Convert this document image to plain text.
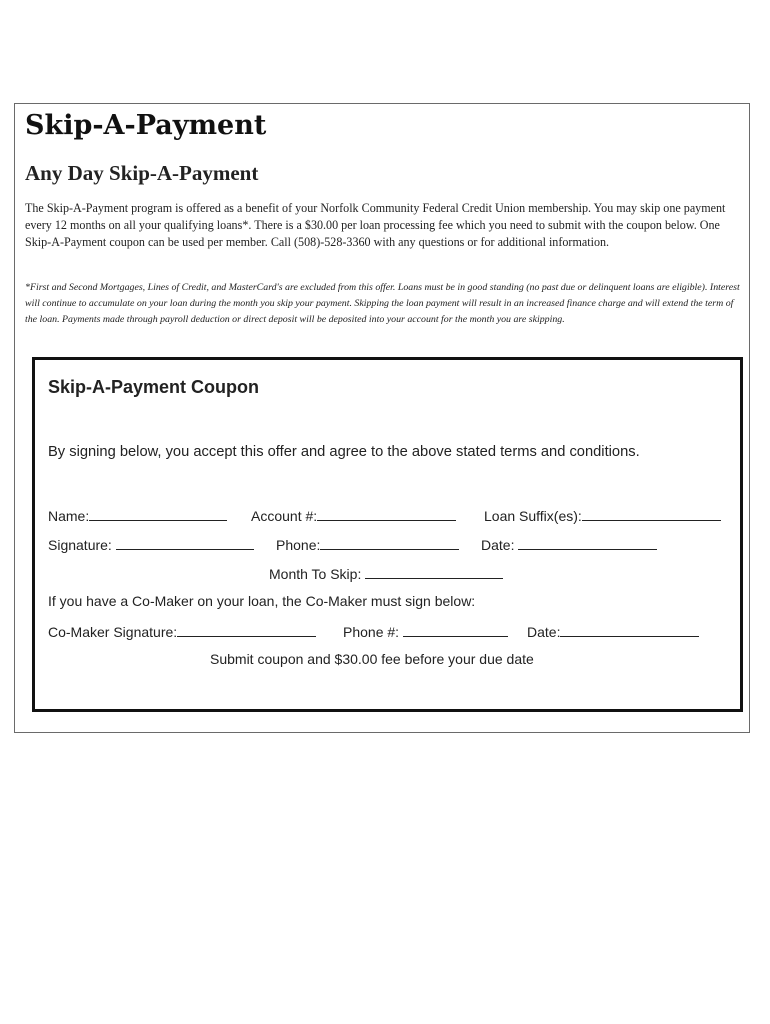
Skip-A-Payment
Any Day Skip-A-Payment

The Skip-A-Payment program is offered as a benefit of your Norfolk Community Federal Credit Union membership. You may skip one payment every 12 months on all your qualifying loans*. There is a $30.00 per loan processing fee which you need to submit with the coupon below. One Skip-A-Payment coupon can be used per member. Call (508)-528-3360 with any questions or for additional information.

*First and Second Mortgages, Lines of Credit, and MasterCard's are excluded from this offer. Loans must be in good standing (no past due or delinquent loans are eligible). Interest will continue to accumulate on your loan during the month you skip your payment. Skipping the loan payment will result in an increased finance charge and will extend the term of the loan. Payments made through payroll deduction or direct deposit will be deposited into your account for the month you are skipping.

Skip-A-Payment Coupon
By signing below, you accept this offer and agree to the above stated terms and conditions.
Name:	Account #:	Loan Suffix(es):
Signature:	Phone:	Date:
Month To Skip:
If you have a Co-Maker on your loan, the Co-Maker must sign below:
Co-Maker Signature:	Phone #:	Date:
Submit coupon and $30.00 fee before your due date
